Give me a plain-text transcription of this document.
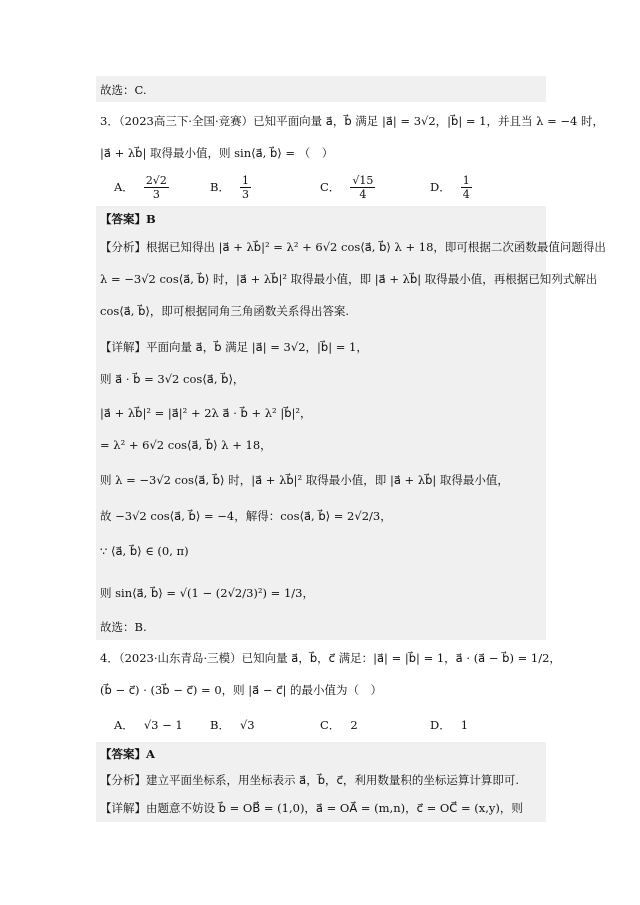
故选：C.
3．（2023高三下·全国·竞赛）已知平面向量 a⃗，b⃗ 满足 |a⃗| = 3√2，|b⃗| = 1，并且当 λ = −4 时，
|a⃗ + λb⃗| 取得最小值，则 sin⟨a⃗, b⃗⟩ = （　）
A． $\frac{2√2}{3}$	B． $\frac{1}{3}$	C． $\frac{√15}{4}$	D． $\frac{1}{4}$
【答案】B
【分析】根据已知得出 |a⃗ + λb⃗|² = λ² + 6√2 cos⟨a⃗, b⃗⟩ λ + 18，即可根据二次函数最值问题得出
λ = −3√2 cos⟨a⃗, b⃗⟩ 时，|a⃗ + λb⃗|² 取得最小值，即 |a⃗ + λb⃗| 取得最小值，再根据已知列式解出
cos⟨a⃗, b⃗⟩，即可根据同角三角函数关系得出答案.
【详解】平面向量 a⃗，b⃗ 满足 |a⃗| = 3√2，|b⃗| = 1，
则 a⃗ · b⃗ = 3√2 cos⟨a⃗, b⃗⟩，
|a⃗ + λb⃗|² = |a⃗|² + 2λ a⃗ · b⃗ + λ² |b⃗|²，
= λ² + 6√2 cos⟨a⃗, b⃗⟩ λ + 18，
则 λ = −3√2 cos⟨a⃗, b⃗⟩ 时，|a⃗ + λb⃗|² 取得最小值，即 |a⃗ + λb⃗| 取得最小值，
故 −3√2 cos⟨a⃗, b⃗⟩ = −4，解得：cos⟨a⃗, b⃗⟩ = 2√2/3，
∵ ⟨a⃗, b⃗⟩ ∈ (0, π)
则 sin⟨a⃗, b⃗⟩ = √(1 − (2√2/3)²) = 1/3，
故选：B.
4．（2023·山东青岛·三模）已知向量 a⃗，b⃗，c⃗ 满足：|a⃗| = |b⃗| = 1，a⃗ · (a⃗ − b⃗) = 1/2，
(b⃗ − c⃗) · (3b⃗ − c⃗) = 0，则 |a⃗ − c⃗| 的最小值为（　）
A． √3 − 1 B． √3	C． 2	D． 1
【答案】A
【分析】建立平面坐标系，用坐标表示 a⃗，b⃗，c⃗，利用数量积的坐标运算计算即可.
【详解】由题意不妨设 b⃗ = OB⃗ = (1,0)，a⃗ = OA⃗ = (m,n)，c⃗ = OC⃗ = (x,y)，则
